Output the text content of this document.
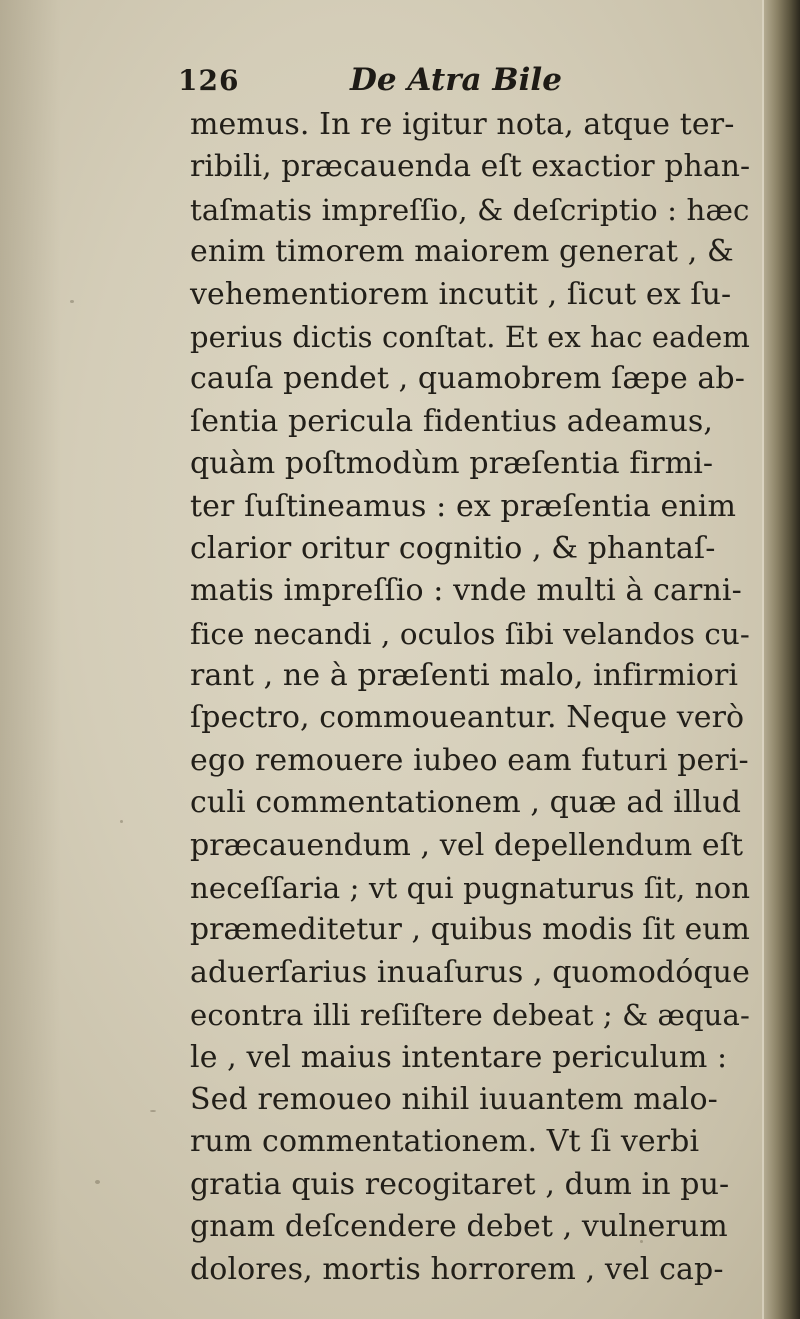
126	De Atra Bile
memus. In re igitur nota, atque ter-
ribili, præcauenda eſt exactior phan-
taſmatis impreſſio, & deſcriptio : hæc
enim timorem maiorem generat , &
vehementiorem incutit , ſicut ex ſu-
perius dictis conſtat. Et ex hac eadem
cauſa pendet , quamobrem ſæpe ab-
ſentia pericula fidentius adeamus,
quàm poſtmodùm præſentia firmi-
ter ſuſtineamus : ex præſentia enim
clarior oritur cognitio , & phantaſ-
matis impreſſio : vnde multi à carni-
fice necandi , oculos ſibi velandos cu-
rant , ne à præſenti malo, infirmiori
ſpectro, commoueantur. Neque verò
ego remouere iubeo eam futuri peri-
culi commentationem , quæ ad illud
præcauendum , vel depellendum eſt
neceſſaria ; vt qui pugnaturus ſit, non
præmeditetur , quibus modis ſit eum
aduerſarius inuaſurus , quomodóque
econtra illi reſiſtere debeat ; & æqua-
le , vel maius intentare periculum :
Sed remoueo nihil iuuantem malo-
rum commentationem. Vt ſi verbi
gratia quis recogitaret , dum in pu-
gnam deſcendere debet , vulnerum
dolores, mortis horrorem , vel cap-
